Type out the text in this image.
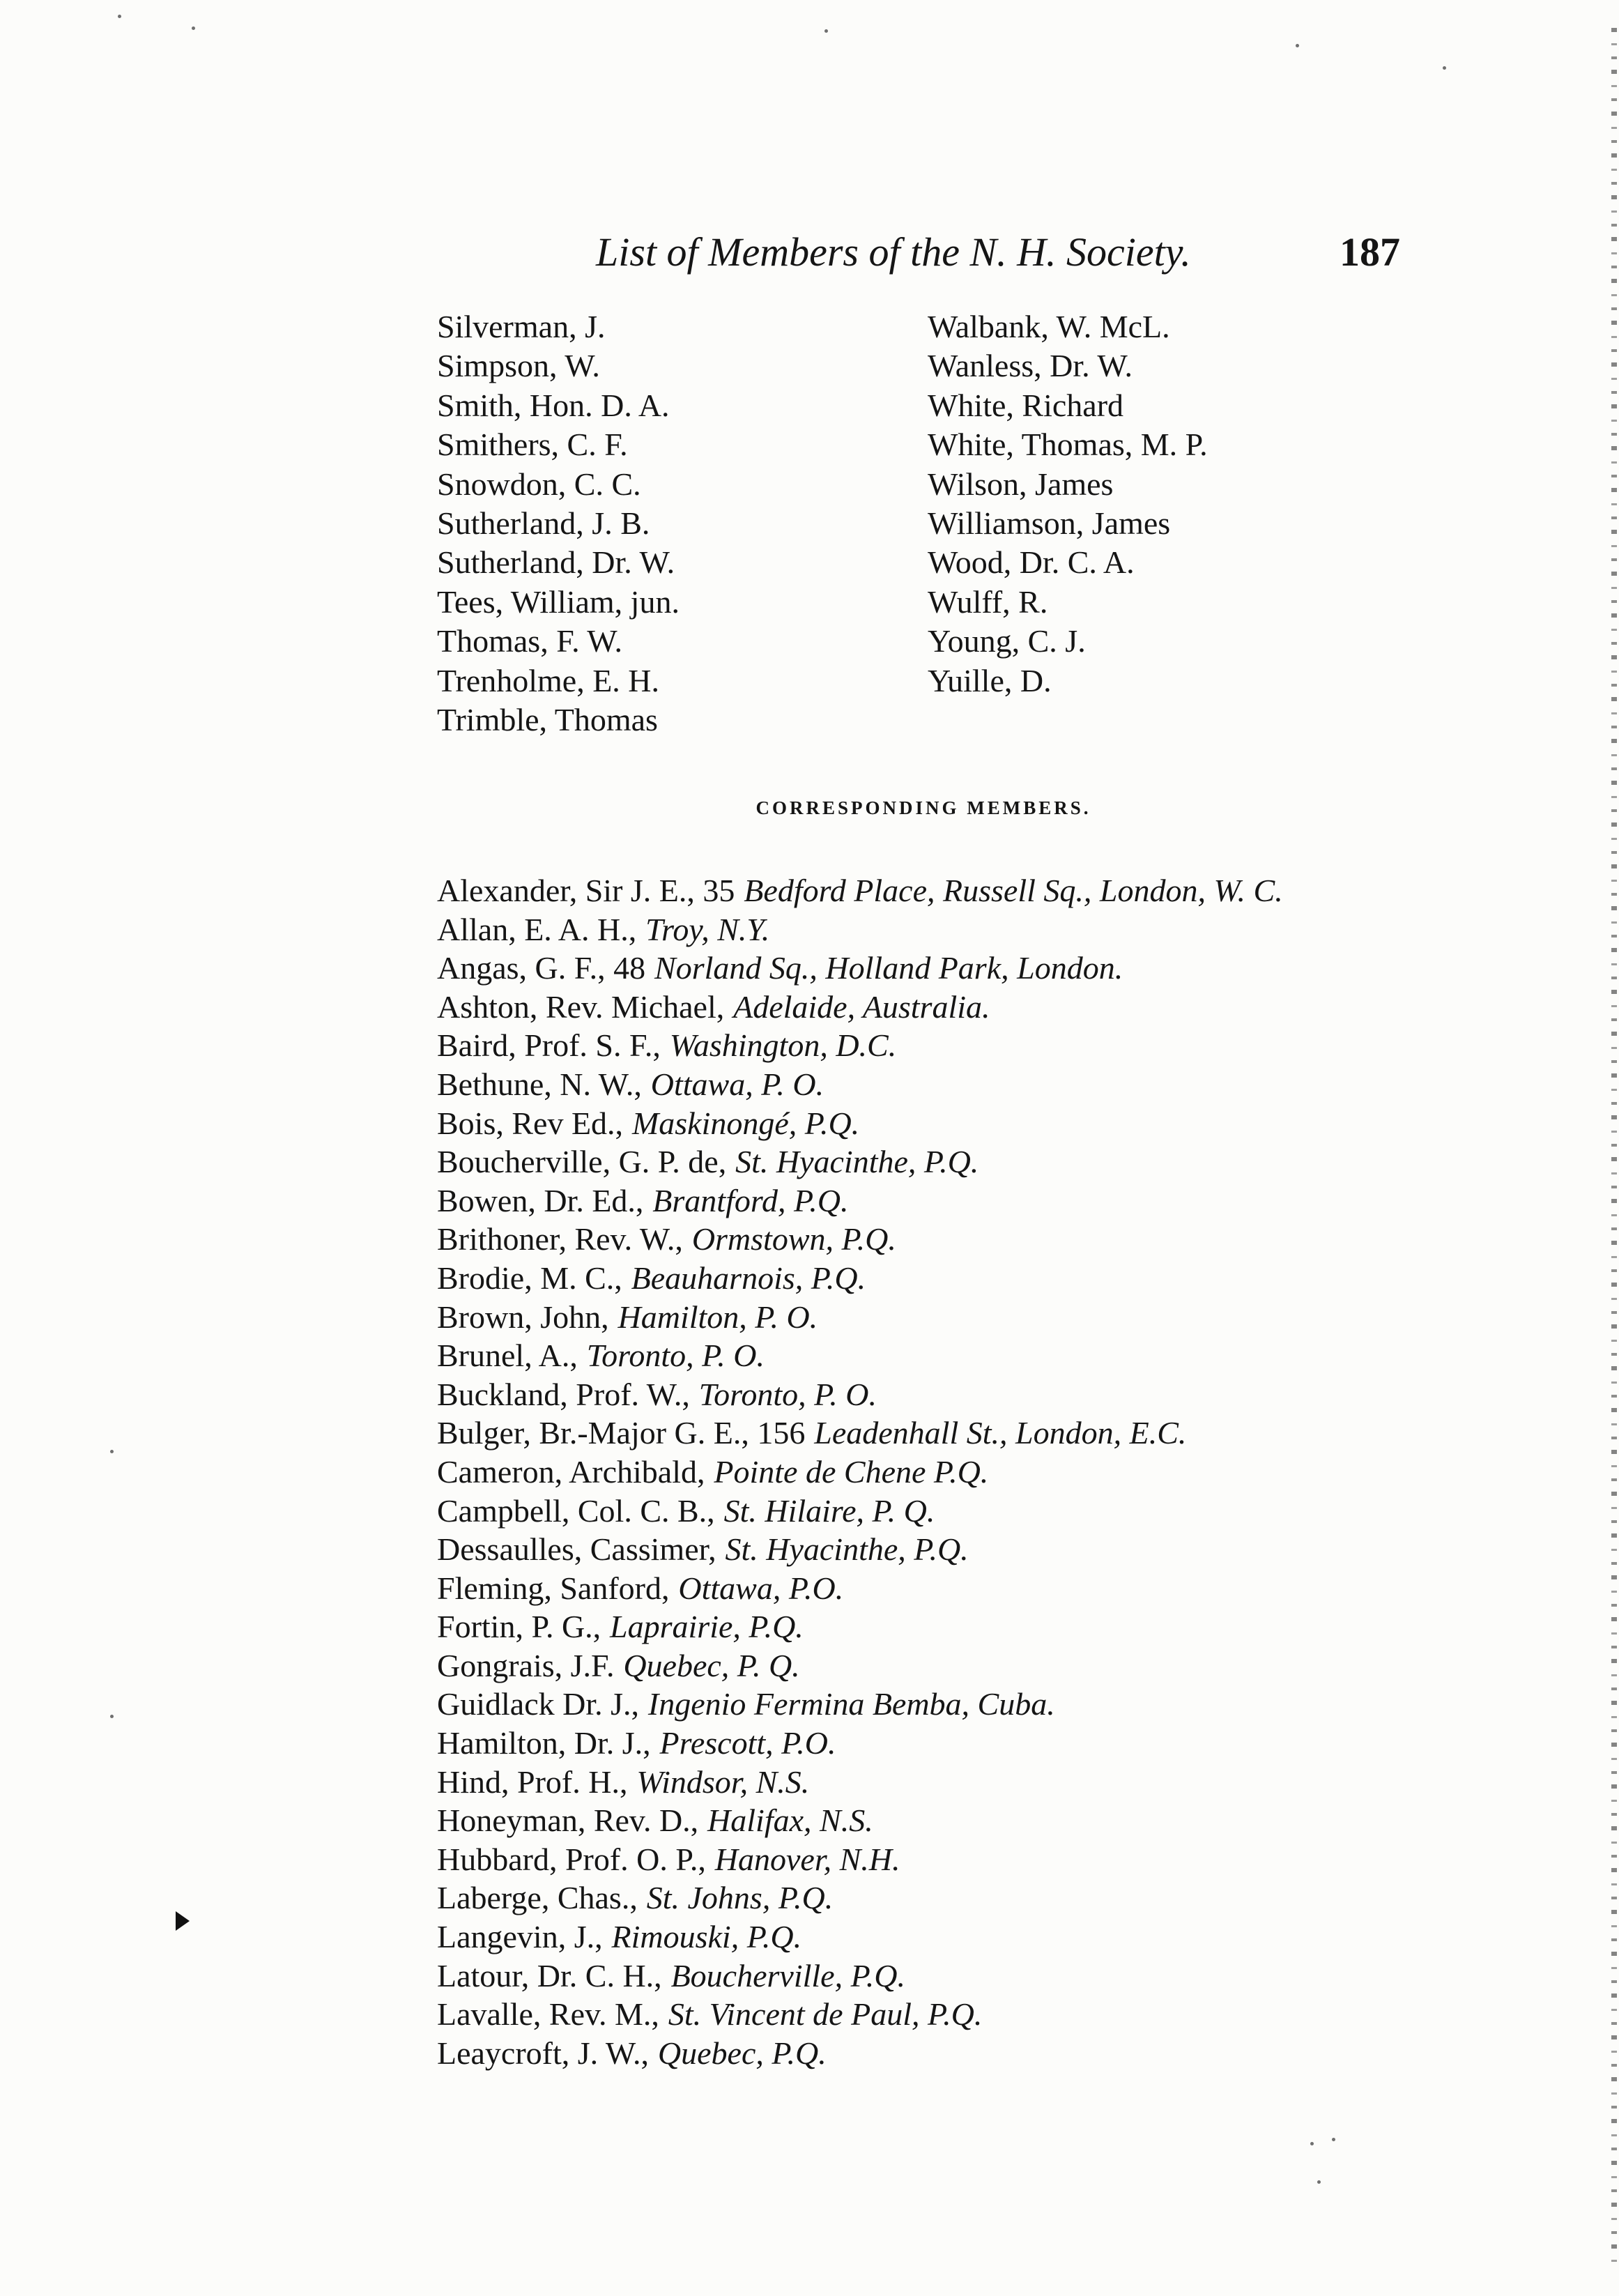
List of Members of the N. H. Society.	187
Silverman, J.
Simpson, W.
Smith, Hon. D. A.
Smithers, C. F.
Snowdon, C. C.
Sutherland, J. B.
Sutherland, Dr. W.
Tees, William, jun.
Thomas, F. W.
Trenholme, E. H.
Trimble, Thomas
Walbank, W. McL.
Wanless, Dr. W.
White, Richard
White, Thomas, M. P.
Wilson, James
Williamson, James
Wood, Dr. C. A.
Wulff, R.
Young, C. J.
Yuille, D.
CORRESPONDING MEMBERS.
Alexander, Sir J. E., 35 Bedford Place, Russell Sq., London, W. C.
Allan, E. A. H., Troy, N.Y.
Angas, G. F., 48 Norland Sq., Holland Park, London.
Ashton, Rev. Michael, Adelaide, Australia.
Baird, Prof. S. F., Washington, D.C.
Bethune, N. W., Ottawa, P. O.
Bois, Rev Ed., Maskinongé, P.Q.
Boucherville, G. P. de, St. Hyacinthe, P.Q.
Bowen, Dr. Ed., Brantford, P.Q.
Brithoner, Rev. W., Ormstown, P.Q.
Brodie, M. C., Beauharnois, P.Q.
Brown, John, Hamilton, P. O.
Brunel, A., Toronto, P. O.
Buckland, Prof. W., Toronto, P. O.
Bulger, Br.-Major G. E., 156 Leadenhall St., London, E.C.
Cameron, Archibald, Pointe de Chene P.Q.
Campbell, Col. C. B., St. Hilaire, P. Q.
Dessaulles, Cassimer, St. Hyacinthe, P.Q.
Fleming, Sanford, Ottawa, P.O.
Fortin, P. G., Laprairie, P.Q.
Gongrais, J.F. Quebec, P. Q.
Guidlack Dr. J., Ingenio Fermina Bemba, Cuba.
Hamilton, Dr. J., Prescott, P.O.
Hind, Prof. H., Windsor, N.S.
Honeyman, Rev. D., Halifax, N.S.
Hubbard, Prof. O. P., Hanover, N.H.
Laberge, Chas., St. Johns, P.Q.
Langevin, J., Rimouski, P.Q.
Latour, Dr. C. H., Boucherville, P.Q.
Lavalle, Rev. M., St. Vincent de Paul, P.Q.
Leaycroft, J. W., Quebec, P.Q.
